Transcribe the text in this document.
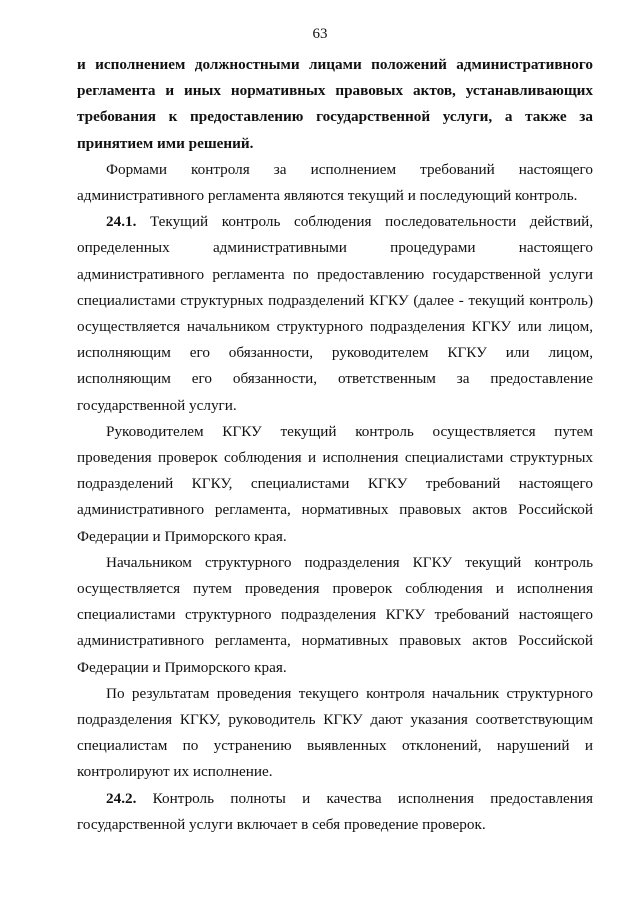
63

и исполнением должностными лицами положений административного регламента и иных нормативных правовых актов, устанавливающих требования к предоставлению государственной услуги, а также за принятием ими решений.

Формами контроля за исполнением требований настоящего административного регламента являются текущий и последующий контроль.

24.1. Текущий контроль соблюдения последовательности действий, определенных административными процедурами настоящего административного регламента по предоставлению государственной услуги специалистами структурных подразделений КГКУ (далее - текущий контроль) осуществляется начальником структурного подразделения КГКУ или лицом, исполняющим его обязанности, руководителем КГКУ или лицом, исполняющим его обязанности, ответственным за предоставление государственной услуги.

Руководителем КГКУ текущий контроль осуществляется путем проведения проверок соблюдения и исполнения специалистами структурных подразделений КГКУ, специалистами КГКУ требований настоящего административного регламента, нормативных правовых актов Российской Федерации и Приморского края.

Начальником структурного подразделения КГКУ текущий контроль осуществляется путем проведения проверок соблюдения и исполнения специалистами структурного подразделения КГКУ требований настоящего административного регламента, нормативных правовых актов Российской Федерации и Приморского края.

По результатам проведения текущего контроля начальник структурного подразделения КГКУ, руководитель КГКУ дают указания соответствующим специалистам по устранению выявленных отклонений, нарушений и контролируют их исполнение.

24.2. Контроль полноты и качества исполнения предоставления государственной услуги включает в себя проведение проверок.
